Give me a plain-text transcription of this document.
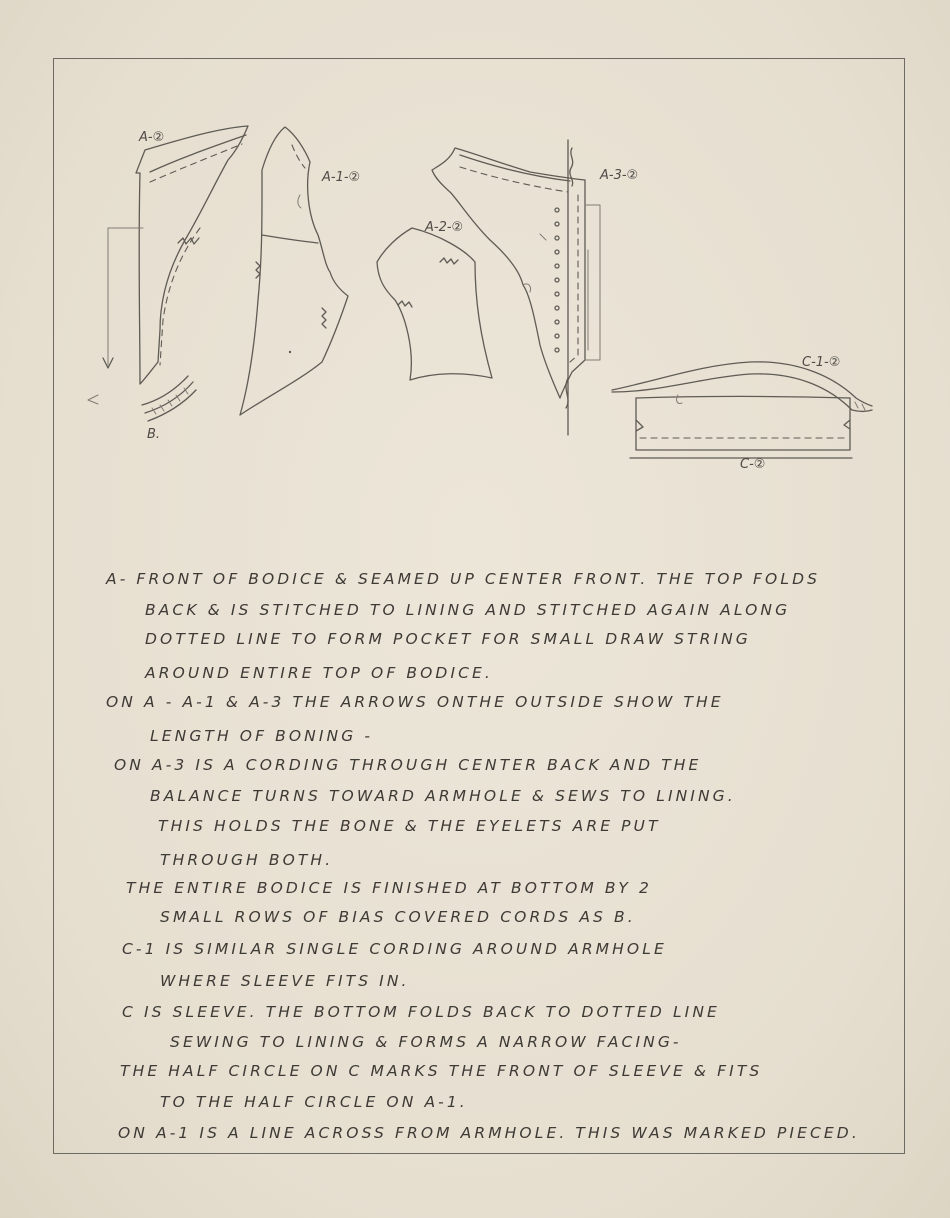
A-②

A-1-②

A-2-②

A-3-②

B.

C-1-②

C-②

A- FRONT OF BODICE & SEAMED UP CENTER FRONT. THE TOP FOLDS

BACK & IS STITCHED TO LINING AND STITCHED AGAIN ALONG

DOTTED LINE TO FORM POCKET FOR SMALL DRAW STRING

AROUND ENTIRE TOP OF BODICE.

ON A - A-1 & A-3 THE ARROWS ONTHE OUTSIDE SHOW THE

LENGTH OF BONING -

ON A-3 IS A CORDING THROUGH CENTER BACK AND THE

BALANCE TURNS TOWARD ARMHOLE & SEWS TO LINING.

THIS HOLDS THE BONE & THE EYELETS ARE PUT

THROUGH BOTH.

THE ENTIRE BODICE IS FINISHED AT BOTTOM BY 2

SMALL ROWS OF BIAS COVERED CORDS AS B.

C-1 IS SIMILAR SINGLE CORDING AROUND ARMHOLE

WHERE SLEEVE FITS IN.

C IS SLEEVE. THE BOTTOM FOLDS BACK TO DOTTED LINE

SEWING TO LINING & FORMS A NARROW FACING-

THE HALF CIRCLE ON C MARKS THE FRONT OF SLEEVE & FITS

TO THE HALF CIRCLE ON A-1.

ON A-1 IS A LINE ACROSS FROM ARMHOLE. THIS WAS MARKED PIECED.
